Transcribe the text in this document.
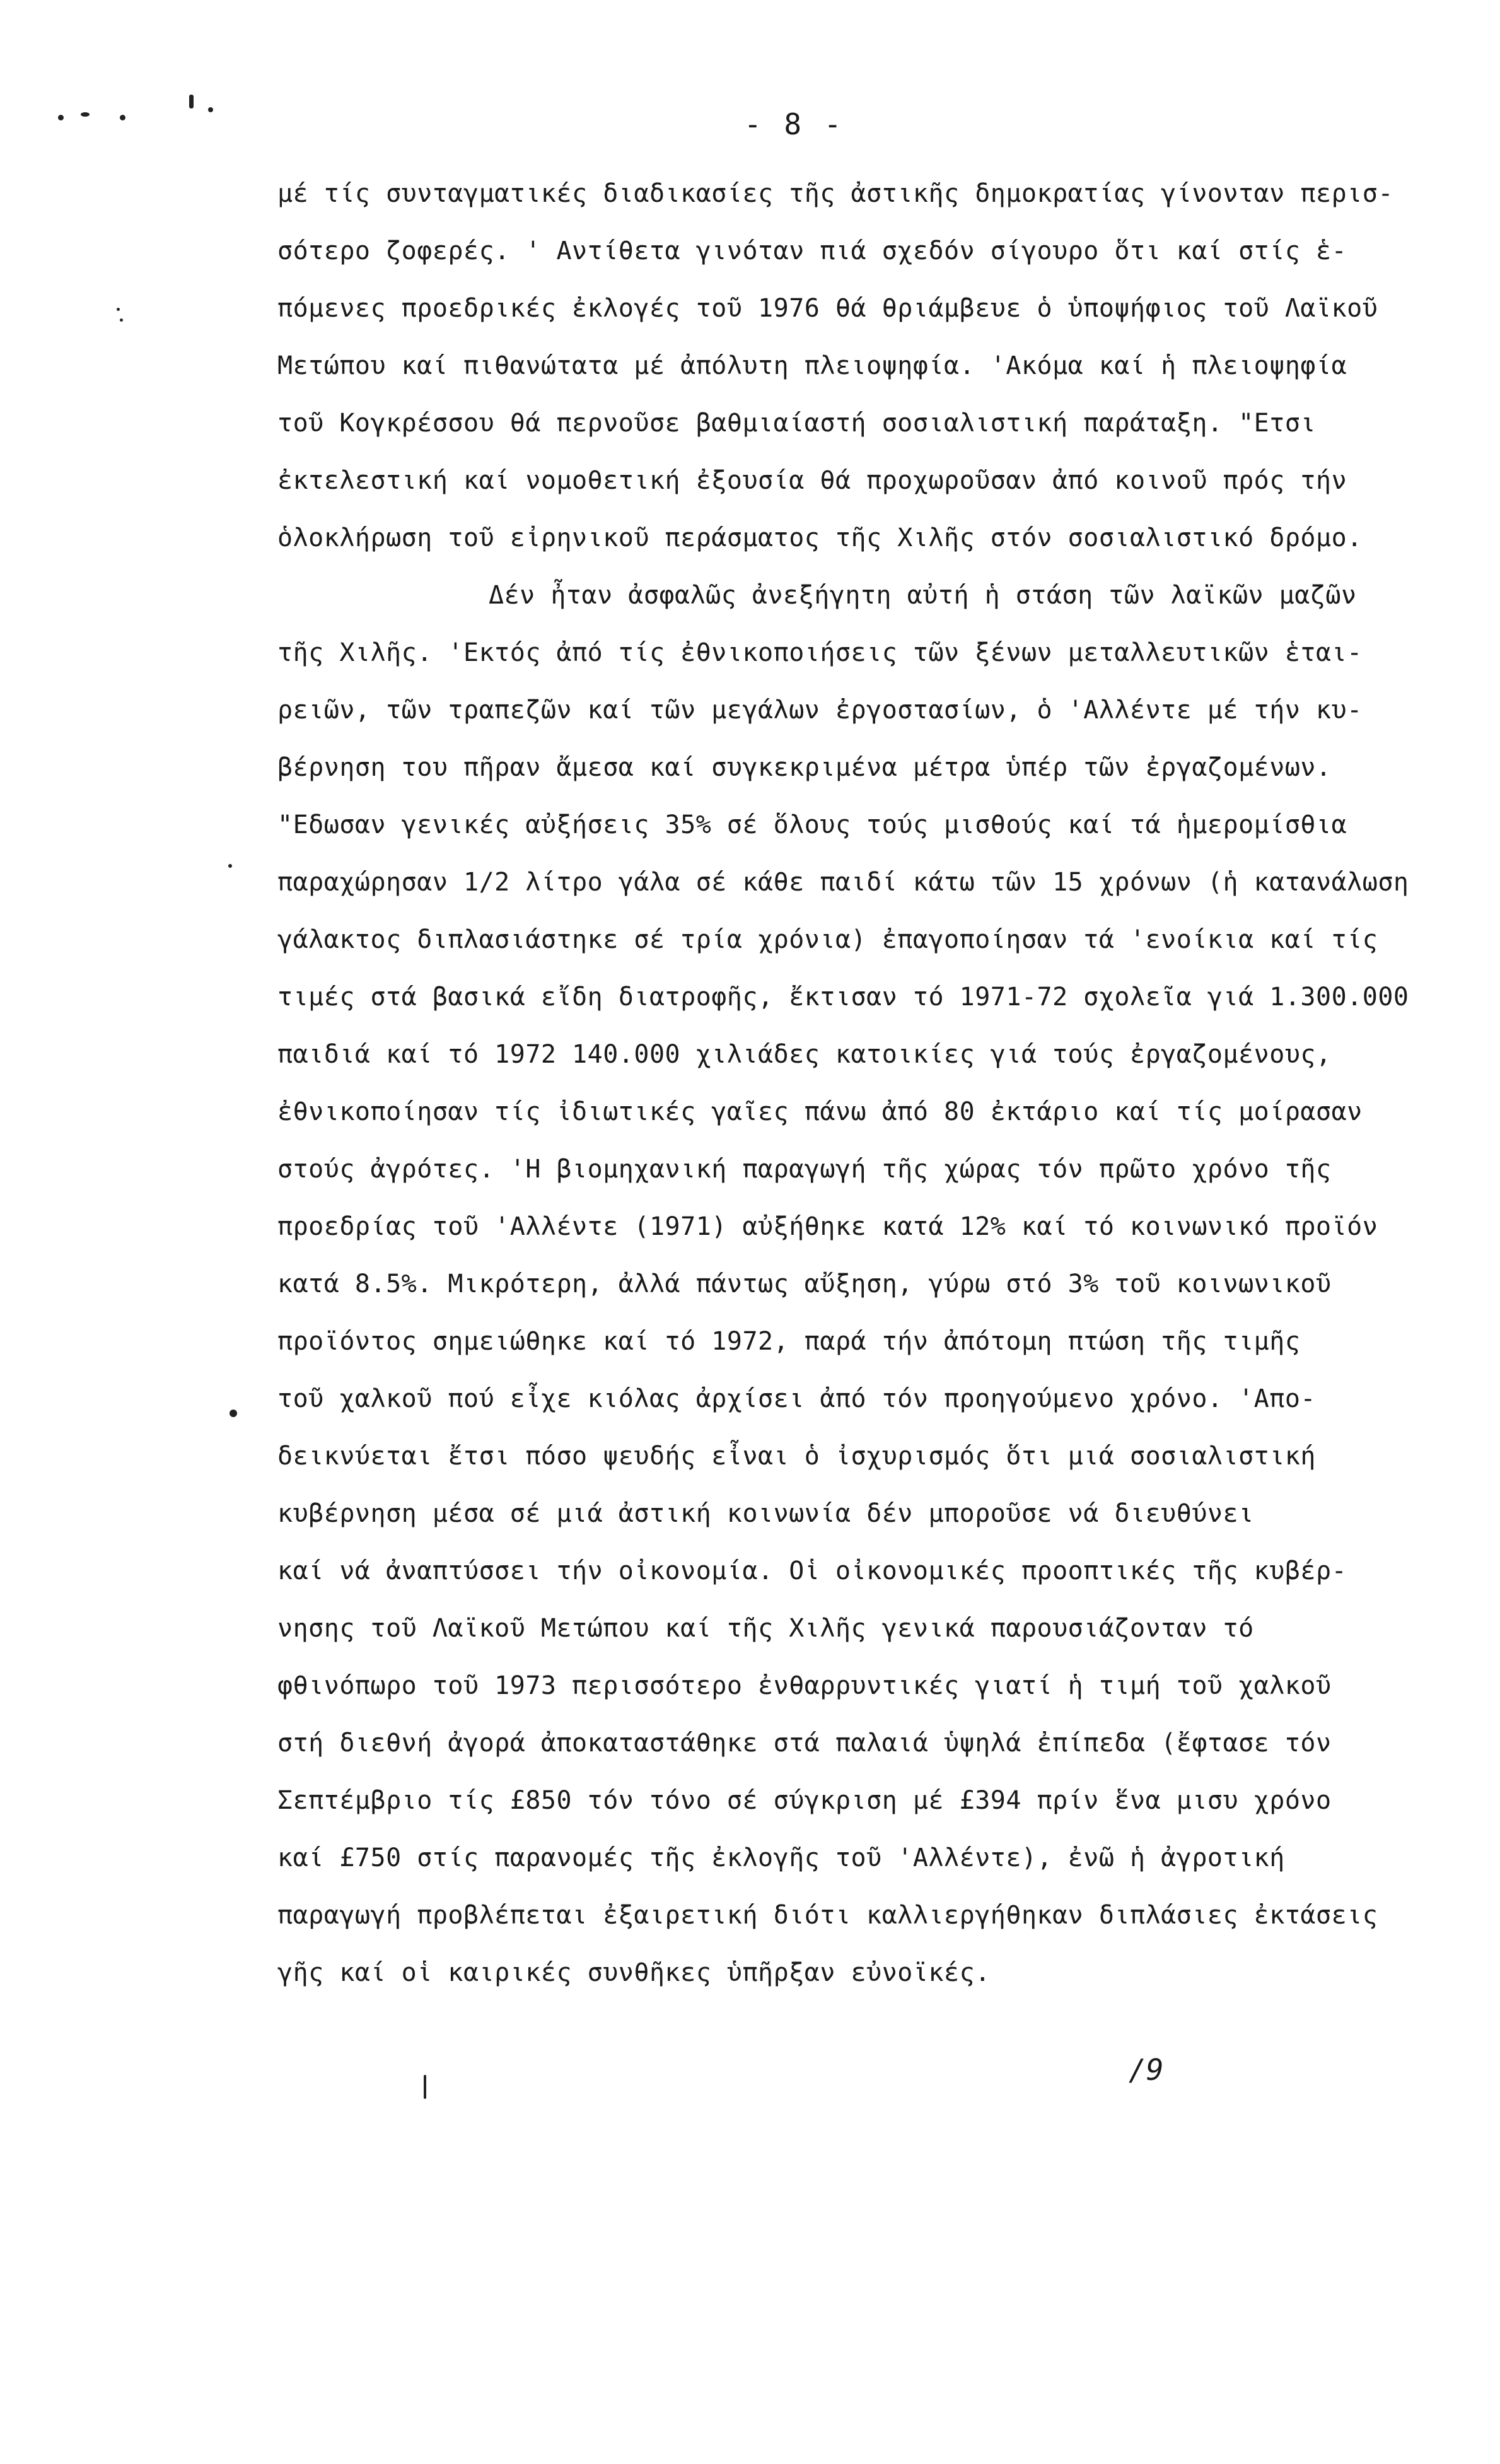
- 8 -
μέ τίς συνταγματικές διαδικασίες τῆς ἀστικῆς δημοκρατίας γίνονταν περισ-
σότερο ζοφερές. ' Αντίθετα γινόταν πιά σχεδόν σίγουρο ὅτι καί στίς ἑ-
πόμενες προεδρικές ἐκλογές τοῦ 1976 θά θριάμβευε ὁ ὑποψήφιος τοῦ Λαϊκοῦ
Μετώπου καί πιθανώτατα μέ ἀπόλυτη πλειοψηφία. 'Ακόμα καί ἡ πλειοψηφία
τοῦ Κογκρέσσου θά περνοῦσε βαθμιαίαστή σοσιαλιστική παράταξη. "Ετσι
ἐκτελεστική καί νομοθετική ἐξουσία θά προχωροῦσαν ἀπό κοινοῦ πρός τήν
ὁλοκλήρωση τοῦ εἰρηνικοῦ περάσματος τῆς Χιλῆς στόν σοσιαλιστικό δρόμο.
Δέν ἦταν ἀσφαλῶς ἀνεξήγητη αὐτή ἡ στάση τῶν λαϊκῶν μαζῶν
τῆς Χιλῆς. 'Εκτός ἀπό τίς ἐθνικοποιήσεις τῶν ξένων μεταλλευτικῶν ἑται-
ρειῶν, τῶν τραπεζῶν καί τῶν μεγάλων ἐργοστασίων, ὁ 'Αλλέντε μέ τήν κυ-
βέρνηση του πῆραν ἄμεσα καί συγκεκριμένα μέτρα ὑπέρ τῶν ἐργαζομένων.
"Εδωσαν γενικές αὐξήσεις 35% σέ ὅλους τούς μισθούς καί τά ἡμερομίσθια
παραχώρησαν 1/2 λίτρο γάλα σέ κάθε παιδί κάτω τῶν 15 χρόνων (ἡ κατανάλωση
γάλακτος διπλασιάστηκε σέ τρία χρόνια) ἐπαγοποίησαν τά 'ενοίκια καί τίς
τιμές στά βασικά εἴδη διατροφῆς, ἔκτισαν τό 1971-72 σχολεῖα γιά 1.300.000
παιδιά καί τό 1972 140.000 χιλιάδες κατοικίες γιά τούς ἐργαζομένους,
ἐθνικοποίησαν τίς ἰδιωτικές γαῖες πάνω ἀπό 80 ἐκτάριο καί τίς μοίρασαν
στούς ἀγρότες. 'Η βιομηχανική παραγωγή τῆς χώρας τόν πρῶτο χρόνο τῆς
προεδρίας τοῦ 'Αλλέντε (1971) αὐξήθηκε κατά 12% καί τό κοινωνικό προϊόν
κατά 8.5%. Μικρότερη, ἀλλά πάντως αὔξηση, γύρω στό 3% τοῦ κοινωνικοῦ
προϊόντος σημειώθηκε καί τό 1972, παρά τήν ἀπότομη πτώση τῆς τιμῆς
τοῦ χαλκοῦ πού εἶχε κιόλας ἀρχίσει ἀπό τόν προηγούμενο χρόνο. 'Απο-
δεικνύεται ἔτσι πόσο ψευδής εἶναι ὁ ἰσχυρισμός ὅτι μιά σοσιαλιστική
κυβέρνηση μέσα σέ μιά ἀστική κοινωνία δέν μποροῦσε νά διευθύνει
καί νά ἀναπτύσσει τήν οἰκονομία. Οἱ οἰκονομικές προοπτικές τῆς κυβέρ-
νησης τοῦ Λαϊκοῦ Μετώπου καί τῆς Χιλῆς γενικά παρουσιάζονταν τό
φθινόπωρο τοῦ 1973 περισσότερο ἐνθαρρυντικές γιατί ἡ τιμή τοῦ χαλκοῦ
στή διεθνή ἀγορά ἀποκαταστάθηκε στά παλαιά ὑψηλά ἐπίπεδα (ἔφτασε τόν
Σεπτέμβριο τίς £850 τόν τόνο σέ σύγκριση μέ £394 πρίν ἕνα μισυ χρόνο
καί £750 στίς παρανομές τῆς ἐκλογῆς τοῦ 'Αλλέντε), ἐνῶ ἡ ἀγροτική
παραγωγή προβλέπεται ἐξαιρετική διότι καλλιεργήθηκαν διπλάσιες ἐκτάσεις
γῆς καί οἱ καιρικές συνθῆκες ὑπῆρξαν εὐνοϊκές.
/9
